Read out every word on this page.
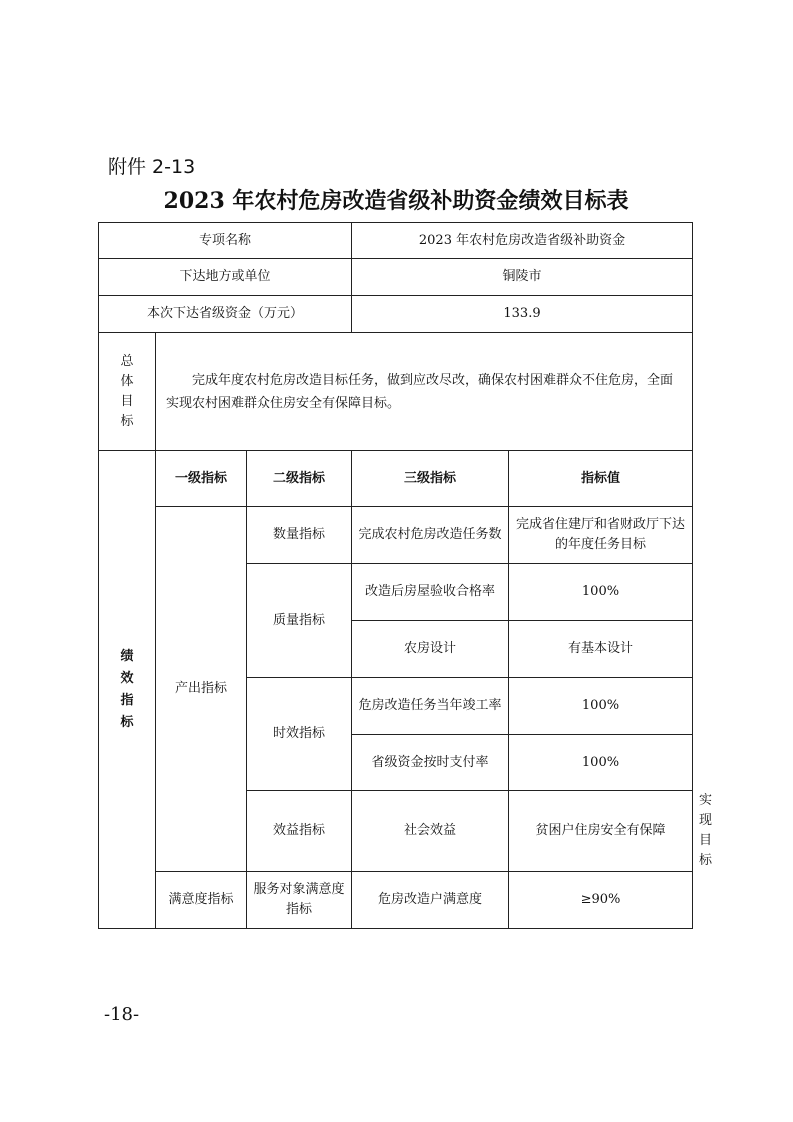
附件 2-13
2023 年农村危房改造省级补助资金绩效目标表
专项名称			2023 年农村危房改造省级补助资金		
下达地方或单位			铜陵市		
本次下达省级资金（万元）			133.9		
总体目标	完成年度农村危房改造目标任务，做到应改尽改，确保农村困难群众不住危房，全面实现农村困难群众住房安全有保障目标。				

绩效指标	一级指标	二级指标	三级指标	指标值	
	产出指标	数量指标	完成农村危房改造任务数	完成省住建厅和省财政厅下达的年度任务目标	
		质量指标	改造后房屋验收合格率	100%	
			农房设计	有基本设计	
		时效指标	危房改造任务当年竣工率	100%	
			省级资金按时支付率	100%	
		效益指标	社会效益	贫困户住房安全有保障	实现目标
	满意度指标	服务对象满意度指标	危房改造户满意度	≥90%	
-18-
